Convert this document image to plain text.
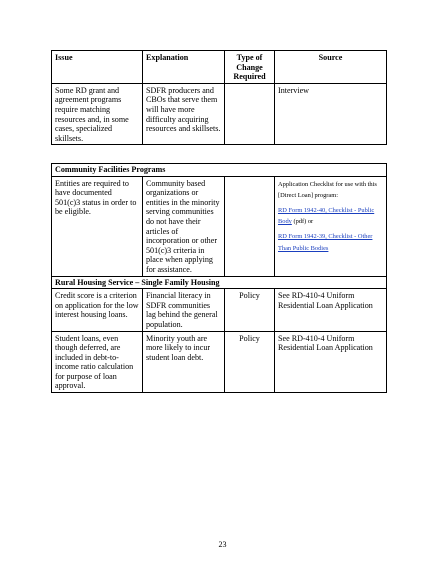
Issue	Explanation	Type of Change Required	Source
Some RD grant and agreement programs require matching resources and, in some cases, specialized skillsets.	SDFR producers and CBOs that serve them will have more difficulty acquiring resources and skillsets.		Interview
Community Facilities Programs			
Entities are required to have documented 501(c)3 status in order to be eligible.	Community based organizations or entities in the minority serving communities do not have their articles of incorporation or other 501(c)3 criteria in place when applying for assistance.		Application Checklist for use with this [Direct Loan] program:

RD Form 1942-40, Checklist - Public Body (pdf) or

RD Form 1942-39, Checklist - Other Than Public Bodies

Rural Housing Service – Single Family Housing			
Credit score is a criterion on application for the low interest housing loans.	Financial literacy in SDFR communities lag behind the general population.	Policy	See RD-410-4 Uniform Residential Loan Application
Student loans, even though deferred, are included in debt-to-income ratio calculation for purpose of loan approval.	Minority youth are more likely to incur student loan debt.	Policy	See RD-410-4 Uniform Residential Loan Application
23
